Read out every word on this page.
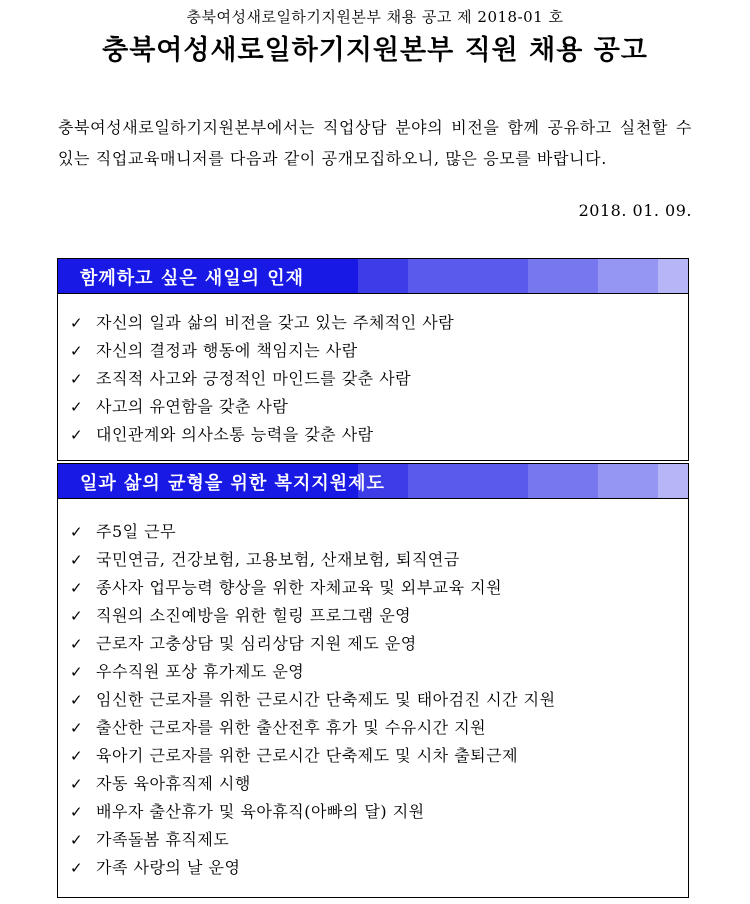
충북여성새로일하기지원본부 채용 공고 제 2018-01 호
충북여성새로일하기지원본부 직원 채용 공고
충북여성새로일하기지원본부에서는 직업상담 분야의 비전을 함께 공유하고 실천할 수 있는 직업교육매니저를 다음과 같이 공개모집하오니, 많은 응모를 바랍니다.
2018. 01. 09.
함께하고 싶은 새일의 인재
✓ 자신의 일과 삶의 비전을 갖고 있는 주체적인 사람
✓ 자신의 결정과 행동에 책임지는 사람
✓ 조직적 사고와 긍정적인 마인드를 갖춘 사람
✓ 사고의 유연함을 갖춘 사람
✓ 대인관계와 의사소통 능력을 갖춘 사람
일과 삶의 균형을 위한 복지지원제도
✓ 주5일 근무
✓ 국민연금, 건강보험, 고용보험, 산재보험, 퇴직연금
✓ 종사자 업무능력 향상을 위한 자체교육 및 외부교육 지원
✓ 직원의 소진예방을 위한 힐링 프로그램 운영
✓ 근로자 고충상담 및 심리상담 지원 제도 운영
✓ 우수직원 포상 휴가제도 운영
✓ 임신한 근로자를 위한 근로시간 단축제도 및 태아검진 시간 지원
✓ 출산한 근로자를 위한 출산전후 휴가 및 수유시간 지원
✓ 육아기 근로자를 위한 근로시간 단축제도 및 시차 출퇴근제
✓ 자동 육아휴직제 시행
✓ 배우자 출산휴가 및 육아휴직(아빠의 달) 지원
✓ 가족돌봄 휴직제도
✓ 가족 사랑의 날 운영
